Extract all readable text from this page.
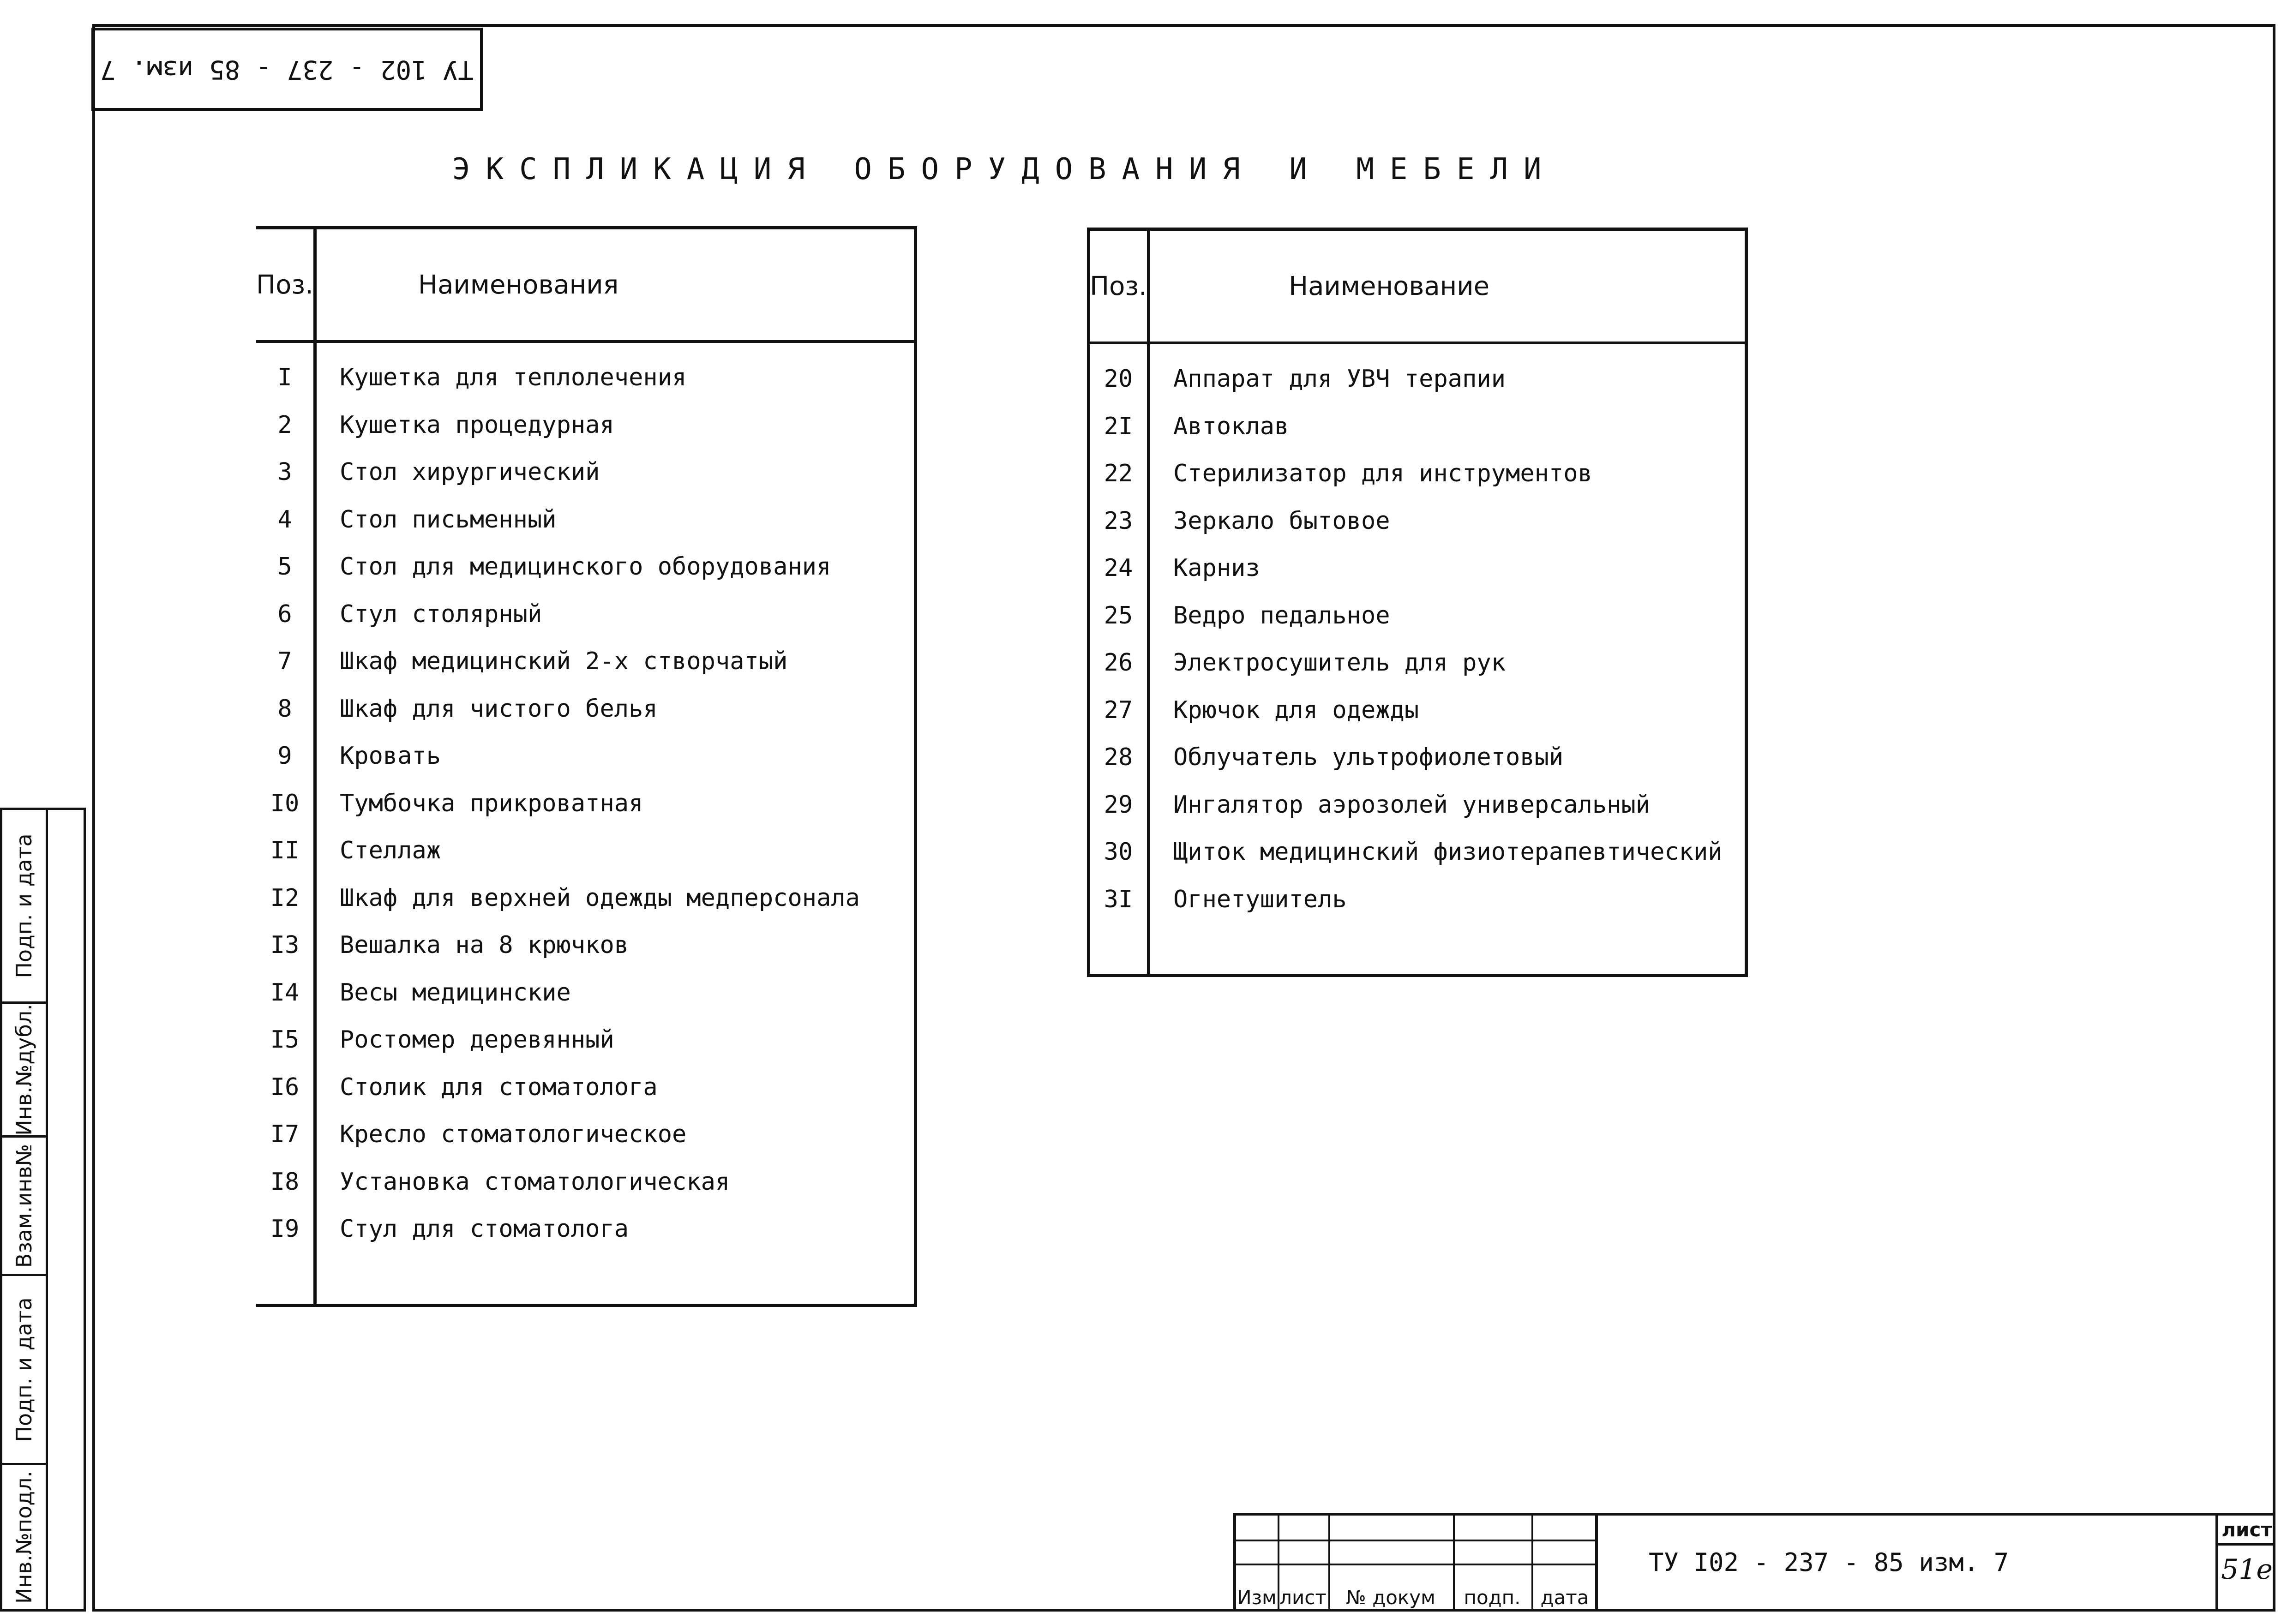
ТУ 102 - 237 - 85 изм. 7
ЭКСПЛИКАЦИЯ ОБОРУДОВАНИЯ И МЕБЕЛИ
Поз.	Наименования
I	Кушетка для теплолечения
2	Кушетка процедурная
3	Стол хирургический
4	Стол письменный
5	Стол для медицинского оборудования
6	Стул столярный
7	Шкаф медицинский 2-х створчатый
8	Шкаф для чистого белья
9	Кровать
I0	Тумбочка прикроватная
II	Стеллаж
I2	Шкаф для верхней одежды медперсонала
I3	Вешалка на 8 крючков
I4	Весы медицинские
I5	Ростомер деревянный
I6	Столик для стоматолога
I7	Кресло стоматологическое
I8	Установка стоматологическая
I9	Стул для стоматолога

Поз.	Наименование
20	Аппарат для УВЧ терапии
2I	Автоклав
22	Стерилизатор для инструментов
23	Зеркало бытовое
24	Карниз
25	Ведро педальное
26	Электросушитель для рук
27	Крючок для одежды
28	Облучатель ультрофиолетовый
29	Ингалятор аэрозолей универсальный
30	Щиток медицинский физиотерапевтический
3I	Огнетушитель

Подп. и дата
Инв.№дубл.
Взам.инв№
Подп. и дата
Инв.№подл.	Изм лист	№ докум	подп.	дата
ТУ I02 - 237 - 85 изм. 7
лист
51е
